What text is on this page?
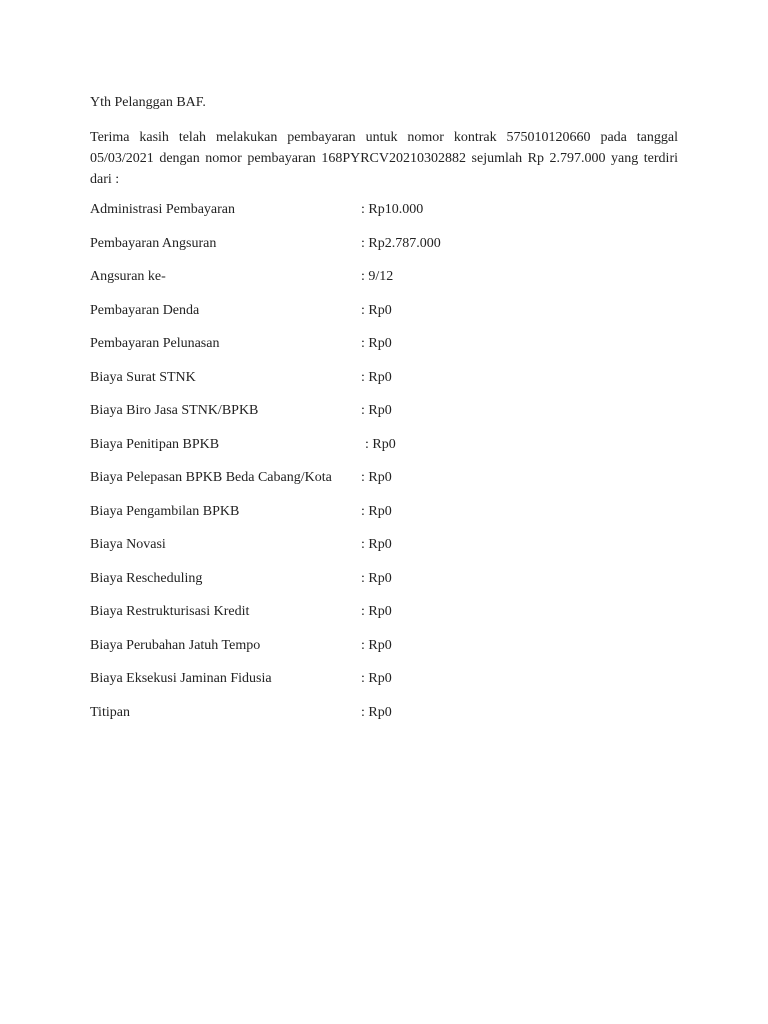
Yth Pelanggan BAF.
Terima kasih telah melakukan pembayaran untuk nomor kontrak 575010120660 pada tanggal 05/03/2021 dengan nomor pembayaran 168PYRCV20210302882 sejumlah Rp 2.797.000 yang terdiri dari :
Administrasi Pembayaran	: Rp10.000
Pembayaran Angsuran	: Rp2.787.000
Angsuran ke-	: 9/12
Pembayaran Denda	: Rp0
Pembayaran Pelunasan	: Rp0
Biaya Surat STNK	: Rp0
Biaya Biro Jasa STNK/BPKB	: Rp0
Biaya Penitipan BPKB	: Rp0
Biaya Pelepasan BPKB Beda Cabang/Kota : Rp0
Biaya Pengambilan BPKB	: Rp0
Biaya Novasi	: Rp0
Biaya Rescheduling	: Rp0
Biaya Restrukturisasi Kredit	: Rp0
Biaya Perubahan Jatuh Tempo	: Rp0
Biaya Eksekusi Jaminan Fidusia	: Rp0
Titipan	: Rp0
